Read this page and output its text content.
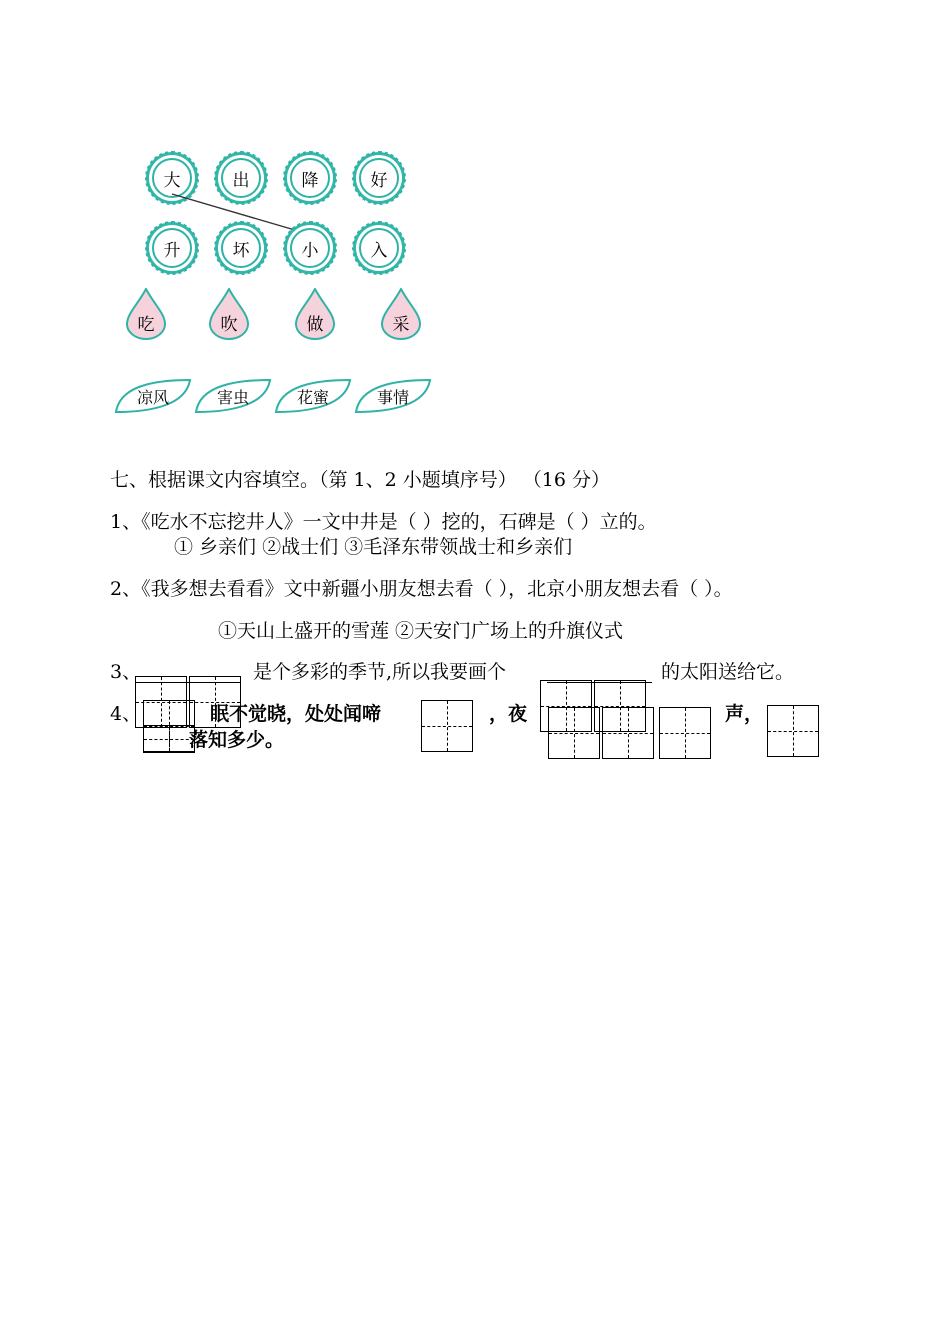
大	出	降	好
升	坏	小	入
吃	吹	做	采
凉风	害虫	花蜜	事情
七、根据课文内容填空。（第 1、2 小题填序号） （16 分）
1、《吃水不忘挖井人》一文中井是（ ）挖的，石碑是（ ）立的。
① 乡亲们 ②战士们 ③毛泽东带领战士和乡亲们
2、《我多想去看看》文中新疆小朋友想去看（ ），北京小朋友想去看（ ）。
①天山上盛开的雪莲 ②天安门广场上的升旗仪式
3、	是个多彩的季节,所以我要画个	的太阳送给它。
4、	眠不觉晓，处处闻啼	，夜	声，
落知多少。
